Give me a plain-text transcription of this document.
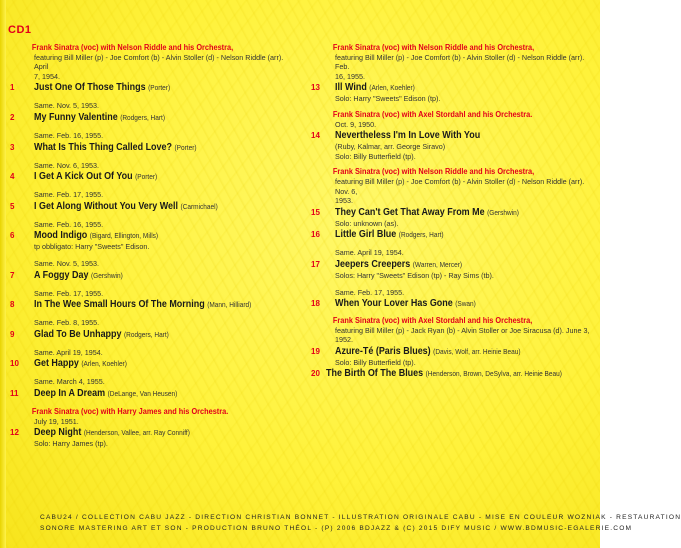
CD1
Frank Sinatra (voc) with Nelson Riddle and his Orchestra,
featuring Bill Miller (p) - Joe Comfort (b) - Alvin Stoller (d) - Nelson Riddle (arr). April
7, 1954.
1	Just One Of Those Things (Porter)
Same. Nov. 5, 1953.
2	My Funny Valentine (Rodgers, Hart)
Same. Feb. 16, 1955.
3	What Is This Thing Called Love? (Porter)
Same. Nov. 6, 1953.
4	I Get A Kick Out Of You (Porter)
Same. Feb. 17, 1955.
5	I Get Along Without You Very Well (Carmichael)
Same. Feb. 16, 1955.
6	Mood Indigo (Bigard, Ellington, Mills)
tp obbligato: Harry "Sweets" Edison.
Same. Nov. 5, 1953.
7	A Foggy Day (Gershwin)
Same. Feb. 17, 1955.
8	In The Wee Small Hours Of The Morning (Mann, Hilliard)
Same. Feb. 8, 1955.
9	Glad To Be Unhappy (Rodgers, Hart)
Same. April 19, 1954.
10	Get Happy (Arlen, Koehler)
Same. March 4, 1955.
11	Deep In A Dream (DeLange, Van Heusen)
Frank Sinatra (voc) with Harry James and his Orchestra.
July 19, 1951.
12	Deep Night (Henderson, Vallee, arr. Ray Conniff)
Solo: Harry James (tp).
Frank Sinatra (voc) with Nelson Riddle and his Orchestra,
featuring Bill Miller (p) - Joe Comfort (b) - Alvin Stoller (d) - Nelson Riddle (arr). Feb.
16, 1955.
13	Ill Wind (Arlen, Koehler)
Solo: Harry "Sweets" Edison (tp).
Frank Sinatra (voc) with Axel Stordahl and his Orchestra.
Oct. 9, 1950.
14	Nevertheless I'm In Love With You
(Ruby, Kalmar, arr. George Siravo)
Solo: Billy Butterfield (tp).
Frank Sinatra (voc) with Nelson Riddle and his Orchestra,
featuring Bill Miller (p) - Joe Comfort (b) - Alvin Stoller (d) - Nelson Riddle (arr). Nov. 6,
1953.
15	They Can't Get That Away From Me (Gershwin)
Solo: unknown (as).
16	Little Girl Blue (Rodgers, Hart)
Same. April 19, 1954.
17	Jeepers Creepers (Warren, Mercer)
Solos: Harry "Sweets" Edison (tp) - Ray Sims (tb).
Same. Feb. 17, 1955.
18	When Your Lover Has Gone (Swan)
Frank Sinatra (voc) with Axel Stordahl and his Orchestra,
featuring Bill Miller (p) - Jack Ryan (b) - Alvin Stoller or Joe Siracusa (d). June 3, 1952.
19	Azure-Té (Paris Blues) (Davis, Wolf, arr. Heinie Beau)
Solo: Billy Butterfield (tp).
20 The Birth Of The Blues (Henderson, Brown, DeSylva, arr. Heinie Beau)
CABU24 / COLLECTION CABU JAZZ - DIRECTION CHRISTIAN BONNET - ILLUSTRATION ORIGINALE CABU - MISE EN COULEUR WOZNIAK - RESTAURATION
SONORE MASTERING ART ET SON - PRODUCTION BRUNO THÉOL - (P) 2006 BDJAZZ & (C) 2015 DIFY MUSIC / WWW.BDMUSIC-EGALERIE.COM
